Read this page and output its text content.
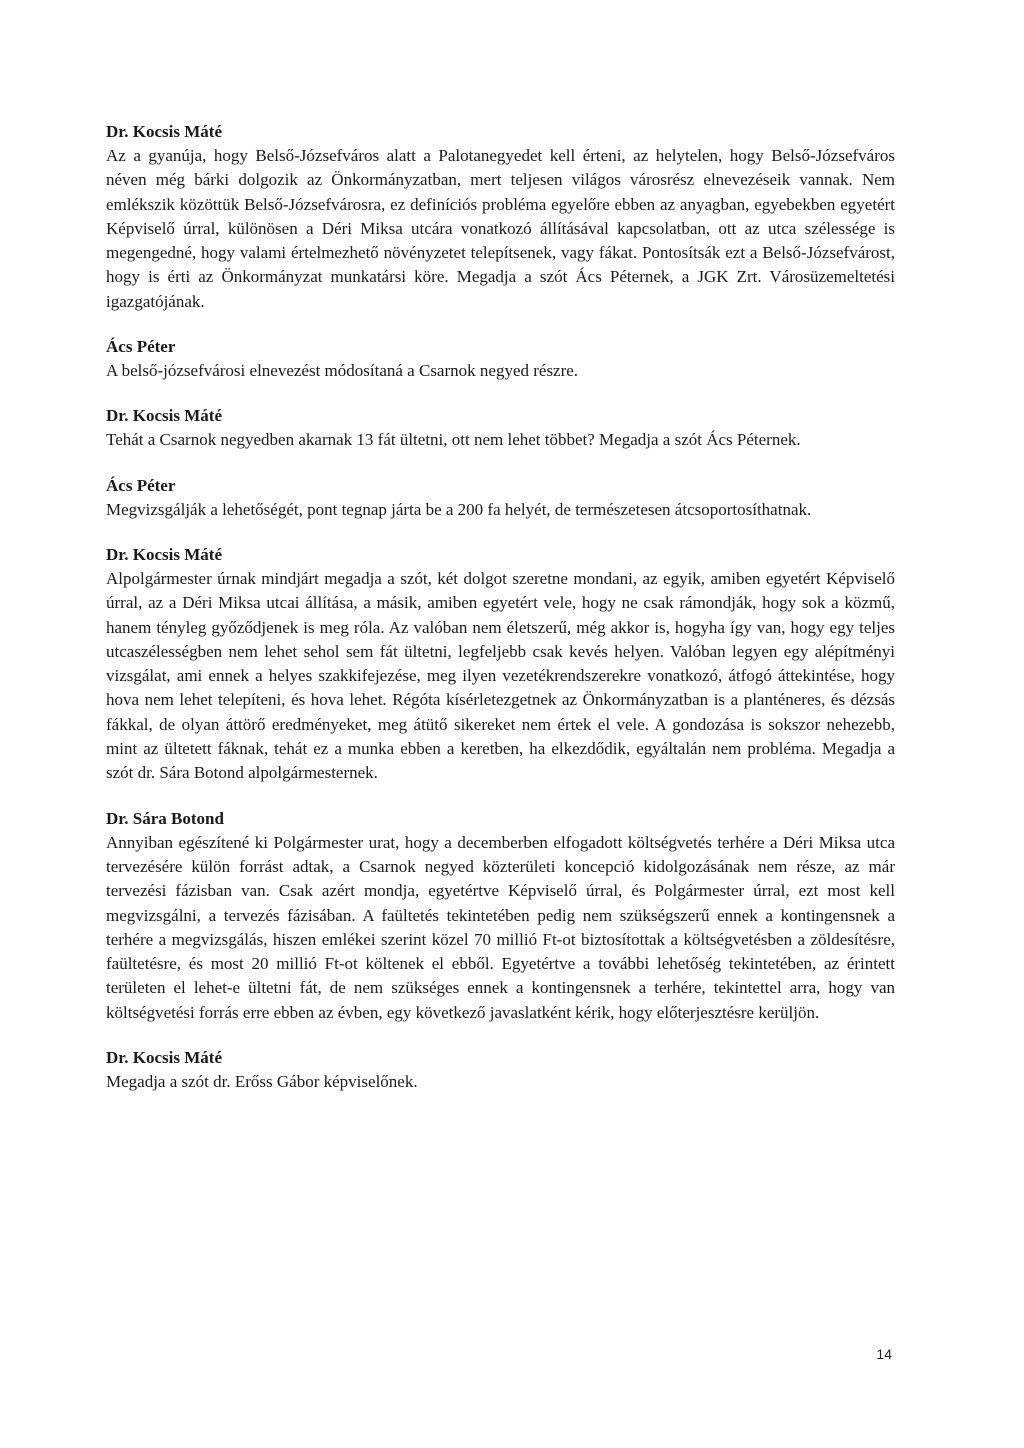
Dr. Kocsis Máté

Az a gyanúja, hogy Belső-Józsefváros alatt a Palotanegyedet kell érteni, az helytelen, hogy Belső-Józsefváros néven még bárki dolgozik az Önkormányzatban, mert teljesen világos városrész elnevezéseik vannak. Nem emlékszik közöttük Belső-Józsefvárosra, ez definíciós probléma egyelőre ebben az anyagban, egyebekben egyetért Képviselő úrral, különösen a Déri Miksa utcára vonatkozó állításával kapcsolatban, ott az utca szélessége is megengedné, hogy valami értelmezhető növényzetet telepítsenek, vagy fákat. Pontosítsák ezt a Belső-Józsefvárost, hogy is érti az Önkormányzat munkatársi köre. Megadja a szót Ács Péternek, a JGK Zrt. Városüzemeltetési igazgatójának.

Ács Péter

A belső-józsefvárosi elnevezést módosítaná a Csarnok negyed részre.

Dr. Kocsis Máté

Tehát a Csarnok negyedben akarnak 13 fát ültetni, ott nem lehet többet? Megadja a szót Ács Péternek.

Ács Péter

Megvizsgálják a lehetőségét, pont tegnap járta be a 200 fa helyét, de természetesen átcsoportosíthatnak.

Dr. Kocsis Máté

Alpolgármester úrnak mindjárt megadja a szót, két dolgot szeretne mondani, az egyik, amiben egyetért Képviselő úrral, az a Déri Miksa utcai állítása, a másik, amiben egyetért vele, hogy ne csak rámondják, hogy sok a közmű, hanem tényleg győződjenek is meg róla. Az valóban nem életszerű, még akkor is, hogyha így van, hogy egy teljes utcaszélességben nem lehet sehol sem fát ültetni, legfeljebb csak kevés helyen. Valóban legyen egy alépítményi vizsgálat, ami ennek a helyes szakkifejezése, meg ilyen vezetékrendszerekre vonatkozó, átfogó áttekintése, hogy hova nem lehet telepíteni, és hova lehet. Régóta kísérletezgetnek az Önkormányzatban is a planténeres, és dézsás fákkal, de olyan áttörő eredményeket, meg átütő sikereket nem értek el vele. A gondozása is sokszor nehezebb, mint az ültetett fáknak, tehát ez a munka ebben a keretben, ha elkezdődik, egyáltalán nem probléma. Megadja a szót dr. Sára Botond alpolgármesternek.

Dr. Sára Botond

Annyiban egészítené ki Polgármester urat, hogy a decemberben elfogadott költségvetés terhére a Déri Miksa utca tervezésére külön forrást adtak, a Csarnok negyed közterületi koncepció kidolgozásának nem része, az már tervezési fázisban van. Csak azért mondja, egyetértve Képviselő úrral, és Polgármester úrral, ezt most kell megvizsgálni, a tervezés fázisában. A faültetés tekintetében pedig nem szükségszerű ennek a kontingensnek a terhére a megvizsgálás, hiszen emlékei szerint közel 70 millió Ft-ot biztosítottak a költségvetésben a zöldesítésre, faültetésre, és most 20 millió Ft-ot költenek el ebből. Egyetértve a további lehetőség tekintetében, az érintett területen el lehet-e ültetni fát, de nem szükséges ennek a kontingensnek a terhére, tekintettel arra, hogy van költségvetési forrás erre ebben az évben, egy következő javaslatként kérik, hogy előterjesztésre kerüljön.

Dr. Kocsis Máté

Megadja a szót dr. Erőss Gábor képviselőnek.

14
